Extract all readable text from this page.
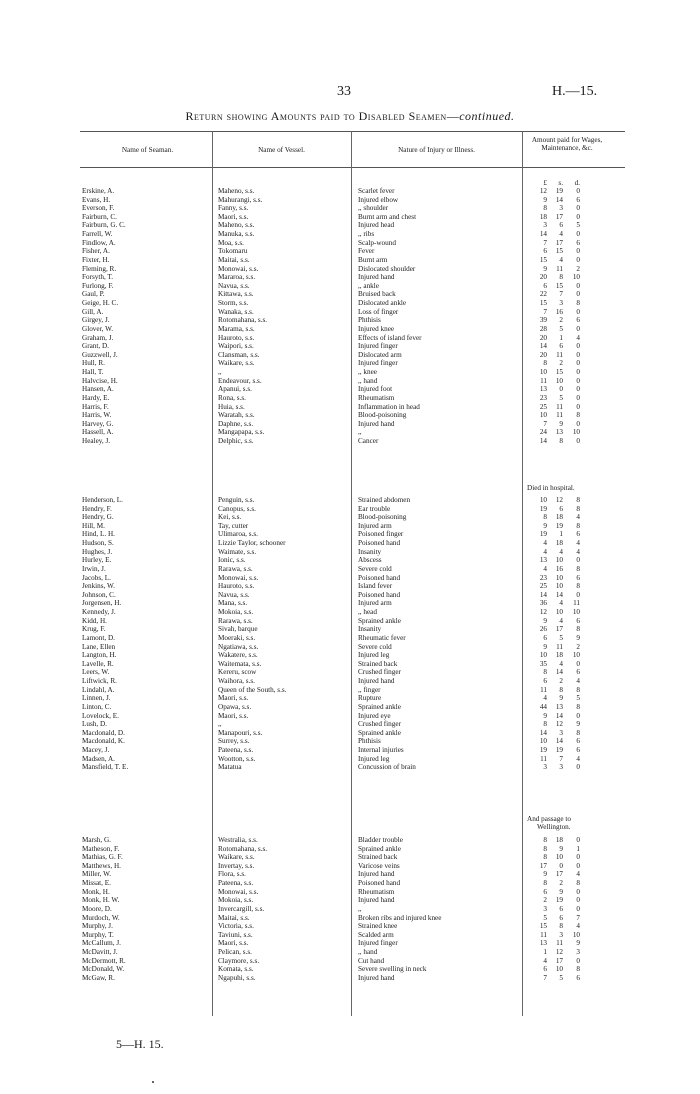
33	H.—15.
Return showing Amounts paid to Disabled Seamen—continued.
Name of Seaman.	Name of Vessel.	Nature of Injury or Illness.
Amount paid for Wages, Maintenance, &c.
£	s.	d.
Erskine, A.	Maheno, s.s.	Scarlet fever	12	19	0
Evans, H.	Mahurangi, s.s.	Injured elbow	9	14	6
Everson, F.	Fanny, s.s.	,, shoulder	8	3	0
Fairburn, C.	Maori, s.s.	Burnt arm and chest	18	17	0
Fairburn, G. C.	Maheno, s.s.	Injured head	3	6	5
Farrell, W.	Manuka, s.s.	,, ribs	14	4	0
Findlow, A.	Moa, s.s.	Scalp-wound	7	17	6
Fisher, A.	Tokomaru	Fever	6	15	0
Fixter, H.	Maitai, s.s.	Burnt arm	15	4	0
Fleming, R.	Monowai, s.s.	Dislocated shoulder	9	11	2
Forsyth, T.	Mararoa, s.s.	Injured hand	20	8	10
Furlong, F.	Navua, s.s.	,, ankle	6	15	0
Gaul, P.	Kittawa, s.s.	Bruised back	22	7	0
Geige, H. C.	Storm, s.s.	Dislocated ankle	15	3	8
Gill, A.	Wanaka, s.s.	Loss of finger	7	16	0
Girgey, J.	Rotomahana, s.s.	Phthisis	39	2	6
Glover, W.	Marama, s.s.	Injured knee	28	5	0
Graham, J.	Hauroto, s.s.	Effects of island fever	20	1	4
Grant, D.	Waipori, s.s.	Injured finger	14	6	0
Guzzwell, J.	Clansman, s.s.	Dislocated arm	20	11	0
Hull, R.	Waikare, s.s.	Injured finger	8	2	0
Hall, T.	,,	,, knee	10	15	0
Halvcise, H.	Endeavour, s.s.	,, hand	11	10	0
Hansen, A.	Apanui, s.s.	Injured foot	13	0	0
Hardy, E.	Rona, s.s.	Rheumatism	23	5	0
Harris, F.	Huia, s.s.	Inflammation in head	25	11	0
Harris, W.	Waratah, s.s.	Blood-poisoning	10	11	8
Harvey, G.	Daphne, s.s.	Injured hand	7	9	0
Hassell, A.	Mangapapa, s.s.	,,	24	13	10
Healey, J.	Delphic, s.s.	Cancer	14	8	0
Henderson, L.	Penguin, s.s.	Strained abdomen	10	12	8
Hendry, F.	Canopus, s.s.	Ear trouble	19	6	8
Hendry, G.	Kei, s.s.	Blood-poisoning	8	18	4
Hill, M.	Tay, cutter	Injured arm	9	19	8
Hind, L. H.	Ulimaroa, s.s.	Poisoned finger	19	1	6
Hudson, S.	Lizzie Taylor, schooner	Poisoned hand	4	18	4
Hughes, J.	Waimate, s.s.	Insanity	4	4	4
Hurley, E.	Ionic, s.s.	Abscess	13	10	0
Irwin, J.	Rarawa, s.s.	Severe cold	4	16	8
Jacobs, L.	Monowai, s.s.	Poisoned hand	23	10	6
Jenkins, W.	Hauroto, s.s.	Island fever	25	10	8
Johnson, C.	Navua, s.s.	Poisoned hand	14	14	0
Jorgensen, H.	Mana, s.s.	Injured arm	36	4	11
Kennedy, J.	Mokoia, s.s.	,, head	12	10	10
Kidd, H.	Rarawa, s.s.	Sprained ankle	9	4	6
Krug, F.	Sivah, barque	Insanity	26	17	8
Lamont, D.	Moeraki, s.s.	Rheumatic fever	6	5	9
Lane, Ellen	Ngatiawa, s.s.	Severe cold	9	11	2
Langton, H.	Wakatere, s.s.	Injured leg	10	18	10
Lavelle, R.	Waitemata, s.s.	Strained back	35	4	0
Leers, W.	Kereru, scow	Crushed finger	8	14	6
Liftwick, R.	Waihora, s.s.	Injured hand	6	2	4
Lindahl, A.	Queen of the South, s.s.	,, finger	11	8	8
Linnen, J.	Maori, s.s.	Rupture	4	9	5
Linton, C.	Opawa, s.s.	Sprained ankle	44	13	8
Lovelock, E.	Maori, s.s.	Injured eye	9	14	0
Lush, D.	,,	Crushed finger	8	12	9
Macdonald, D.	Manapouri, s.s.	Sprained ankle	14	3	8
Macdonald, K.	Surrey, s.s.	Phthisis	10	14	6
Macey, J.	Pateena, s.s.	Internal injuries	19	19	6
Madsen, A.	Wootton, s.s.	Injured leg	11	7	4
Mansfield, T. E.	Matatua	Concussion of brain	3	3	0
Marsh, G.	Westralia, s.s.	Bladder trouble	8	18	0
Matheson, F.	Rotomahana, s.s.	Sprained ankle	8	9	1
Mathias, G. F.	Waikare, s.s.	Strained back	8	10	0
Matthews, H.	Invertay, s.s.	Varicose veins	17	0	0
Miller, W.	Flora, s.s.	Injured hand	9	17	4
Missat, E.	Pateena, s.s.	Poisoned hand	8	2	8
Monk, H.	Monowai, s.s.	Rheumatism	6	9	0
Monk, H. W.	Mokoia, s.s.	Injured hand	2	19	0
Moore, D.	Invercargill, s.s.	,,	3	6	0
Murdoch, W.	Maitai, s.s.	Broken ribs and injured knee	5	6	7
Murphy, J.	Victoria, s.s.	Strained knee	15	8	4
Murphy, T.	Taviuni, s.s.	Scalded arm	11	3	10
McCallum, J.	Maori, s.s.	Injured finger	13	11	9
McDavitt, J.	Pelican, s.s.	,, hand	1	12	3
McDermott, R.	Claymore, s.s.	Cut hand	4	17	0
McDonald, W.	Komata, s.s.	Severe swelling in neck	6	10	8
McGaw, R.	Ngapuhi, s.s.	Injured hand	7	5	6
Died in hospital.
And passage to
Wellington.
5—H. 15.
